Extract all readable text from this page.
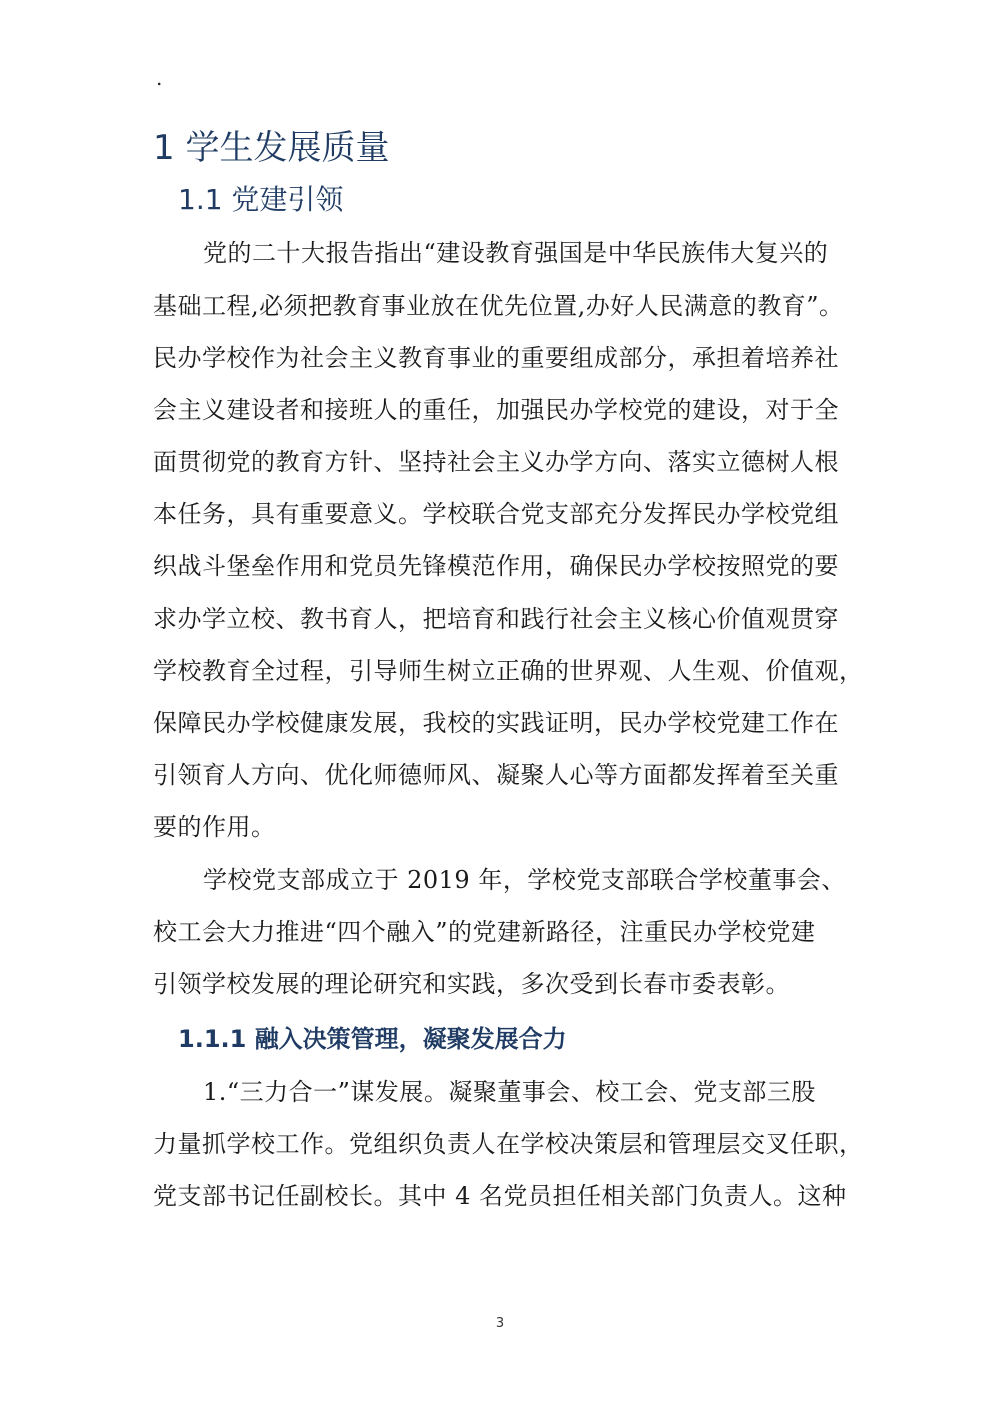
.
1 学生发展质量
1.1 党建引领
党的二十大报告指出“建设教育强国是中华民族伟大复兴的
基础工程,必须把教育事业放在优先位置,办好人民满意的教育”。
民办学校作为社会主义教育事业的重要组成部分，承担着培养社
会主义建设者和接班人的重任，加强民办学校党的建设，对于全
面贯彻党的教育方针、坚持社会主义办学方向、落实立德树人根
本任务，具有重要意义。学校联合党支部充分发挥民办学校党组
织战斗堡垒作用和党员先锋模范作用，确保民办学校按照党的要
求办学立校、教书育人，把培育和践行社会主义核心价值观贯穿
学校教育全过程，引导师生树立正确的世界观、人生观、价值观，
保障民办学校健康发展，我校的实践证明，民办学校党建工作在
引领育人方向、优化师德师风、凝聚人心等方面都发挥着至关重
要的作用。
学校党支部成立于 2019 年，学校党支部联合学校董事会、
校工会大力推进“四个融入”的党建新路径，注重民办学校党建
引领学校发展的理论研究和实践，多次受到长春市委表彰。
1.1.1 融入决策管理，凝聚发展合力
1.“三力合一”谋发展。凝聚董事会、校工会、党支部三股
力量抓学校工作。党组织负责人在学校决策层和管理层交叉任职，
党支部书记任副校长。其中 4 名党员担任相关部门负责人。这种
3
